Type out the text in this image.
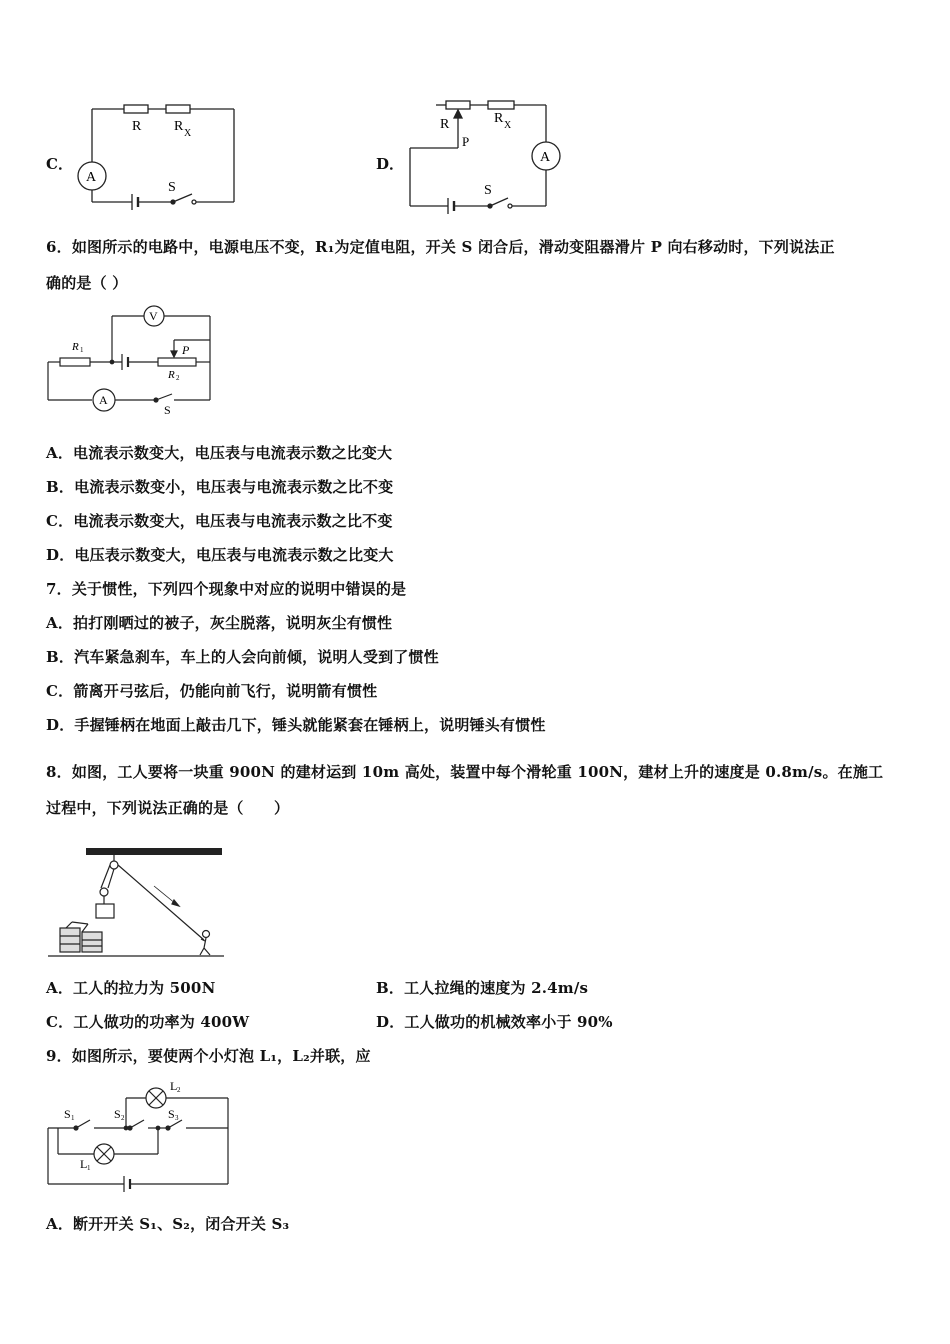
C．
R R X
A
S
D．
R	R X
P
A
S
6．如图所示的电路中，电源电压不变，R₁为定值电阻，开关 S 闭合后，滑动变阻器滑片 P 向右移动时，下列说法正
确的是（ ）
R 1	P
R 2
V
A
S
A．电流表示数变大，电压表与电流表示数之比变大
B．电流表示数变小，电压表与电流表示数之比不变
C．电流表示数变大，电压表与电流表示数之比不变
D．电压表示数变大，电压表与电流表示数之比变大
7．关于惯性，下列四个现象中对应的说明中错误的是
A．拍打刚晒过的被子，灰尘脱落，说明灰尘有惯性
B．汽车紧急刹车，车上的人会向前倾，说明人受到了惯性
C．箭离开弓弦后，仍能向前飞行，说明箭有惯性
D．手握锤柄在地面上敲击几下，锤头就能紧套在锤柄上，说明锤头有惯性
8．如图，工人要将一块重 900N 的建材运到 10m 高处，装置中每个滑轮重 100N，建材上升的速度是 0.8m/s。在施工
过程中，下列说法正确的是（　　）
A．工人的拉力为 500N	B．工人拉绳的速度为 2.4m/s
C．工人做功的功率为 400W	D．工人做功的机械效率小于 90%
9．如图所示，要使两个小灯泡 L₁，L₂并联，应
S 1	S 2	S 3
L 2
L 1
A．断开开关 S₁、S₂，闭合开关 S₃
